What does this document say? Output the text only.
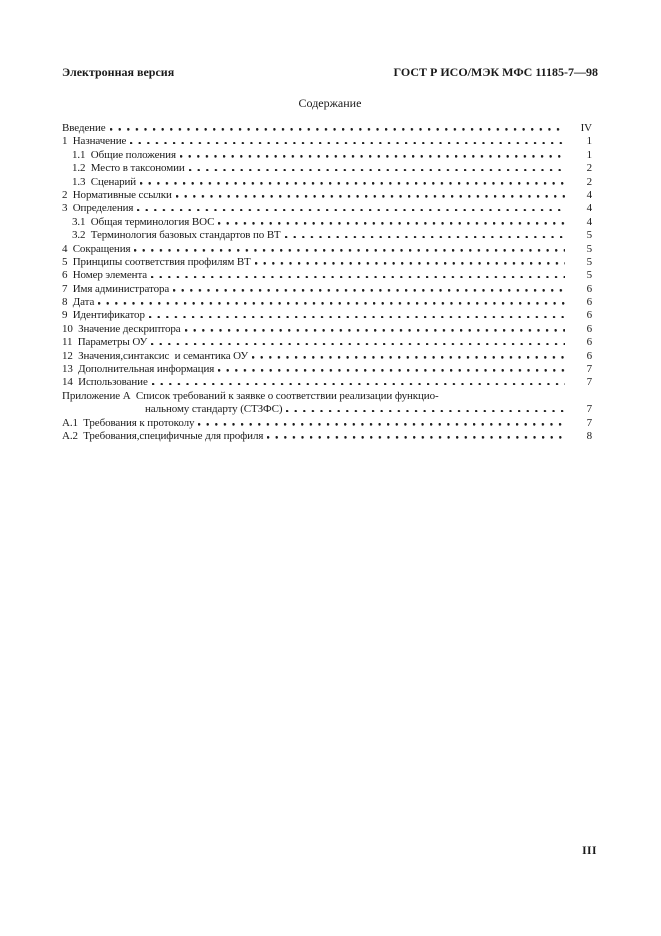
Электронная версия	ГОСТ Р ИСО/МЭК МФС 11185-7—98
Содержание
Введение	IV
1  Назначение	1
1.1  Общие положения	1
1.2  Место в таксономии	2
1.3  Сценарий	2
2  Нормативные ссылки	4
3  Определения	4
3.1  Общая терминология ВОС	4
3.2  Терминология базовых стандартов по ВТ	5
4  Сокращения	5
5  Принципы соответствия профилям ВТ	5
6  Номер элемента	5
7  Имя администратора	6
8  Дата	6
9  Идентификатор	6
10  Значение дескриптора	6
11  Параметры ОУ	6
12  Значения,синтаксис  и семантика ОУ	6
13  Дополнительная информация	7
14  Использование	7
Приложение А  Список требований к заявке о соответствии реализации функцио-
нальному стандарту (СТЗФС)	7
А.1  Требования к протоколу	7
А.2  Требования,специфичные для профиля	8
III
